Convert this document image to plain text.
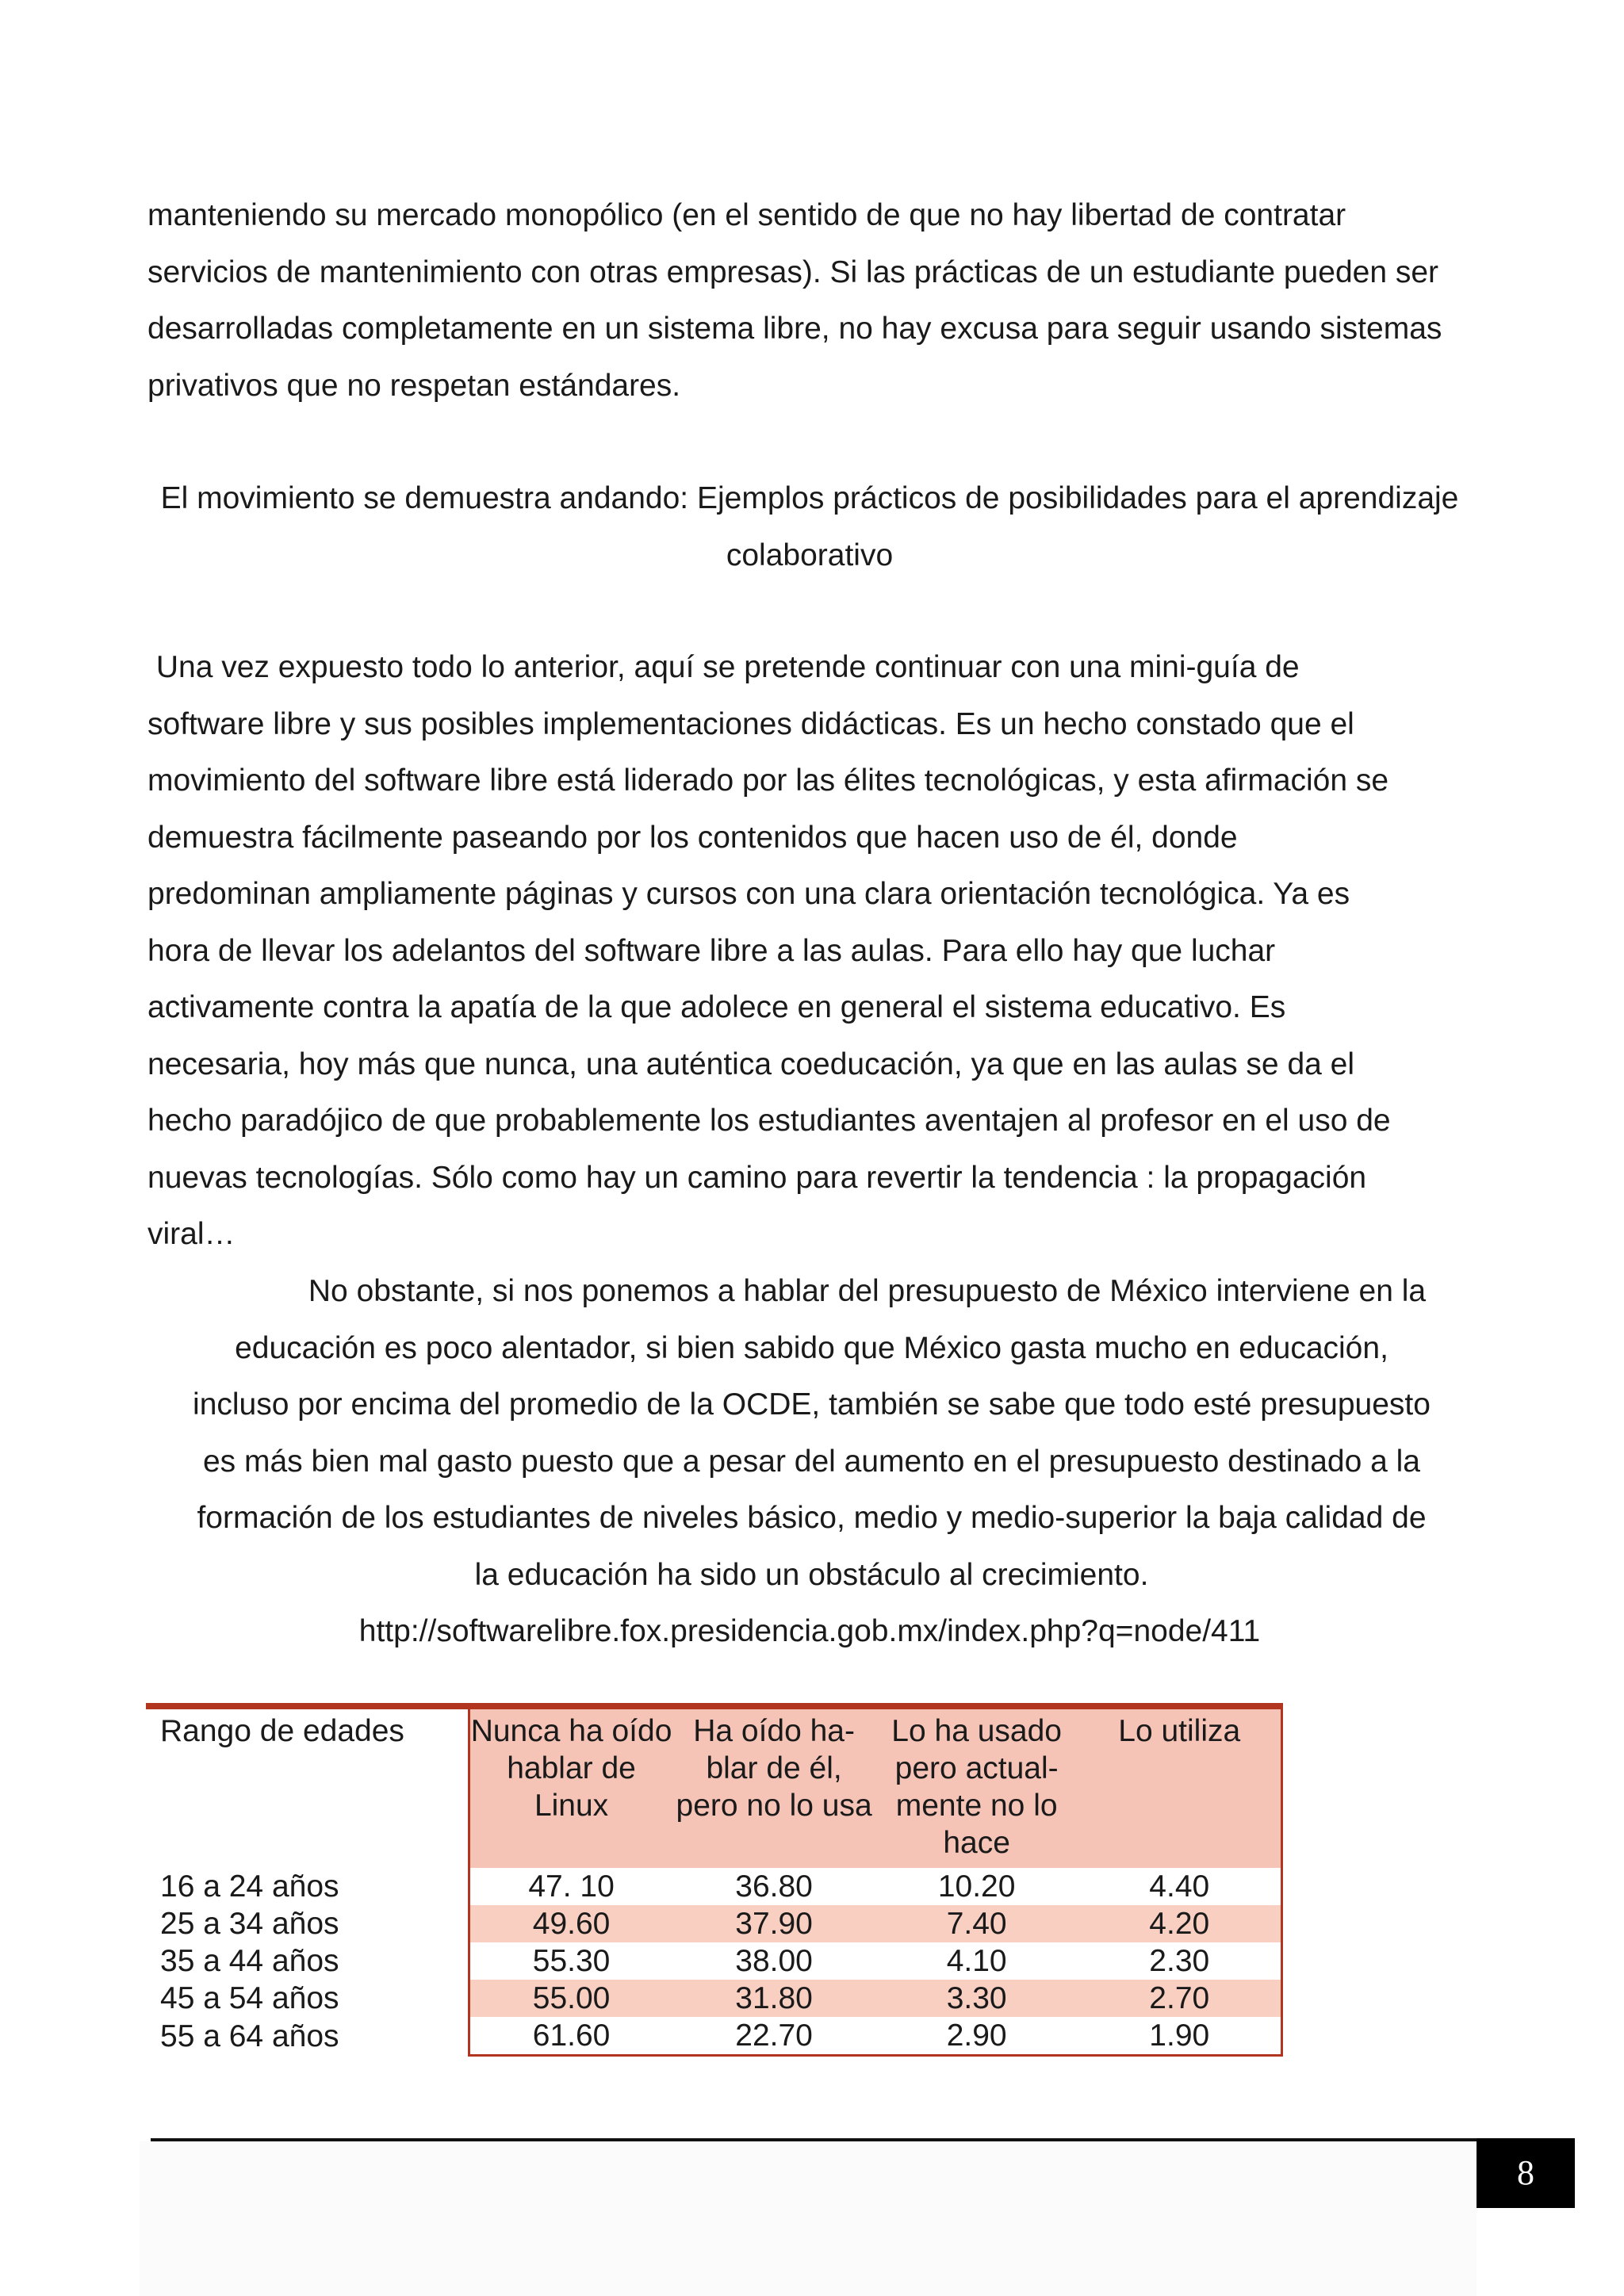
manteniendo su mercado monopólico (en el sentido de que no hay libertad de contratar servicios de mantenimiento con otras empresas). Si las prácticas de un estudiante pueden ser desarrolladas completamente en un sistema libre, no hay excusa para seguir usando sistemas privativos que no respetan estándares.

El movimiento se demuestra andando: Ejemplos prácticos de posibilidades para el aprendizaje colaborativo

Una vez expuesto todo lo anterior, aquí se pretende continuar con una mini-guía de
software libre y sus posibles implementaciones didácticas. Es un hecho constado que el
movimiento del software libre está liderado por las élites tecnológicas, y esta afirmación se
demuestra fácilmente paseando por los contenidos que hacen uso de él, donde
predominan ampliamente páginas y cursos con una clara orientación tecnológica. Ya es
hora de llevar los adelantos del software libre a las aulas. Para ello hay que luchar
activamente contra la apatía de la que adolece en general el sistema educativo. Es
necesaria, hoy más que nunca, una auténtica coeducación, ya que en las aulas se da el
hecho paradójico de que probablemente los estudiantes aventajen al profesor en el uso de
nuevas tecnologías. Sólo como hay un camino para revertir la tendencia : la propagación
viral…

No obstante, si nos ponemos a hablar del presupuesto de México interviene en la
educación es poco alentador, si bien sabido que México gasta mucho en educación,
incluso por encima del promedio de la OCDE, también se sabe que todo esté presupuesto
es más bien mal gasto puesto que a pesar del aumento en el presupuesto destinado a la
formación de los estudiantes de niveles básico, medio y medio-superior la baja calidad de
la educación ha sido un obstáculo al crecimiento.

http://softwarelibre.fox.presidencia.gob.mx/index.php?q=node/411

Rango de edades	Nunca ha oído hablar de Linux	Ha oído ha- blar de él, pero no lo usa	Lo ha usado pero actual- mente no lo hace	Lo utiliza
16 a 24 años	47. 10	36.80	10.20	4.40
25 a 34 años	49.60	37.90	7.40	4.20
35 a 44 años	55.30	38.00	4.10	2.30
45 a 54 años	55.00	31.80	3.30	2.70
55 a 64 años	61.60	22.70	2.90	1.90
8
